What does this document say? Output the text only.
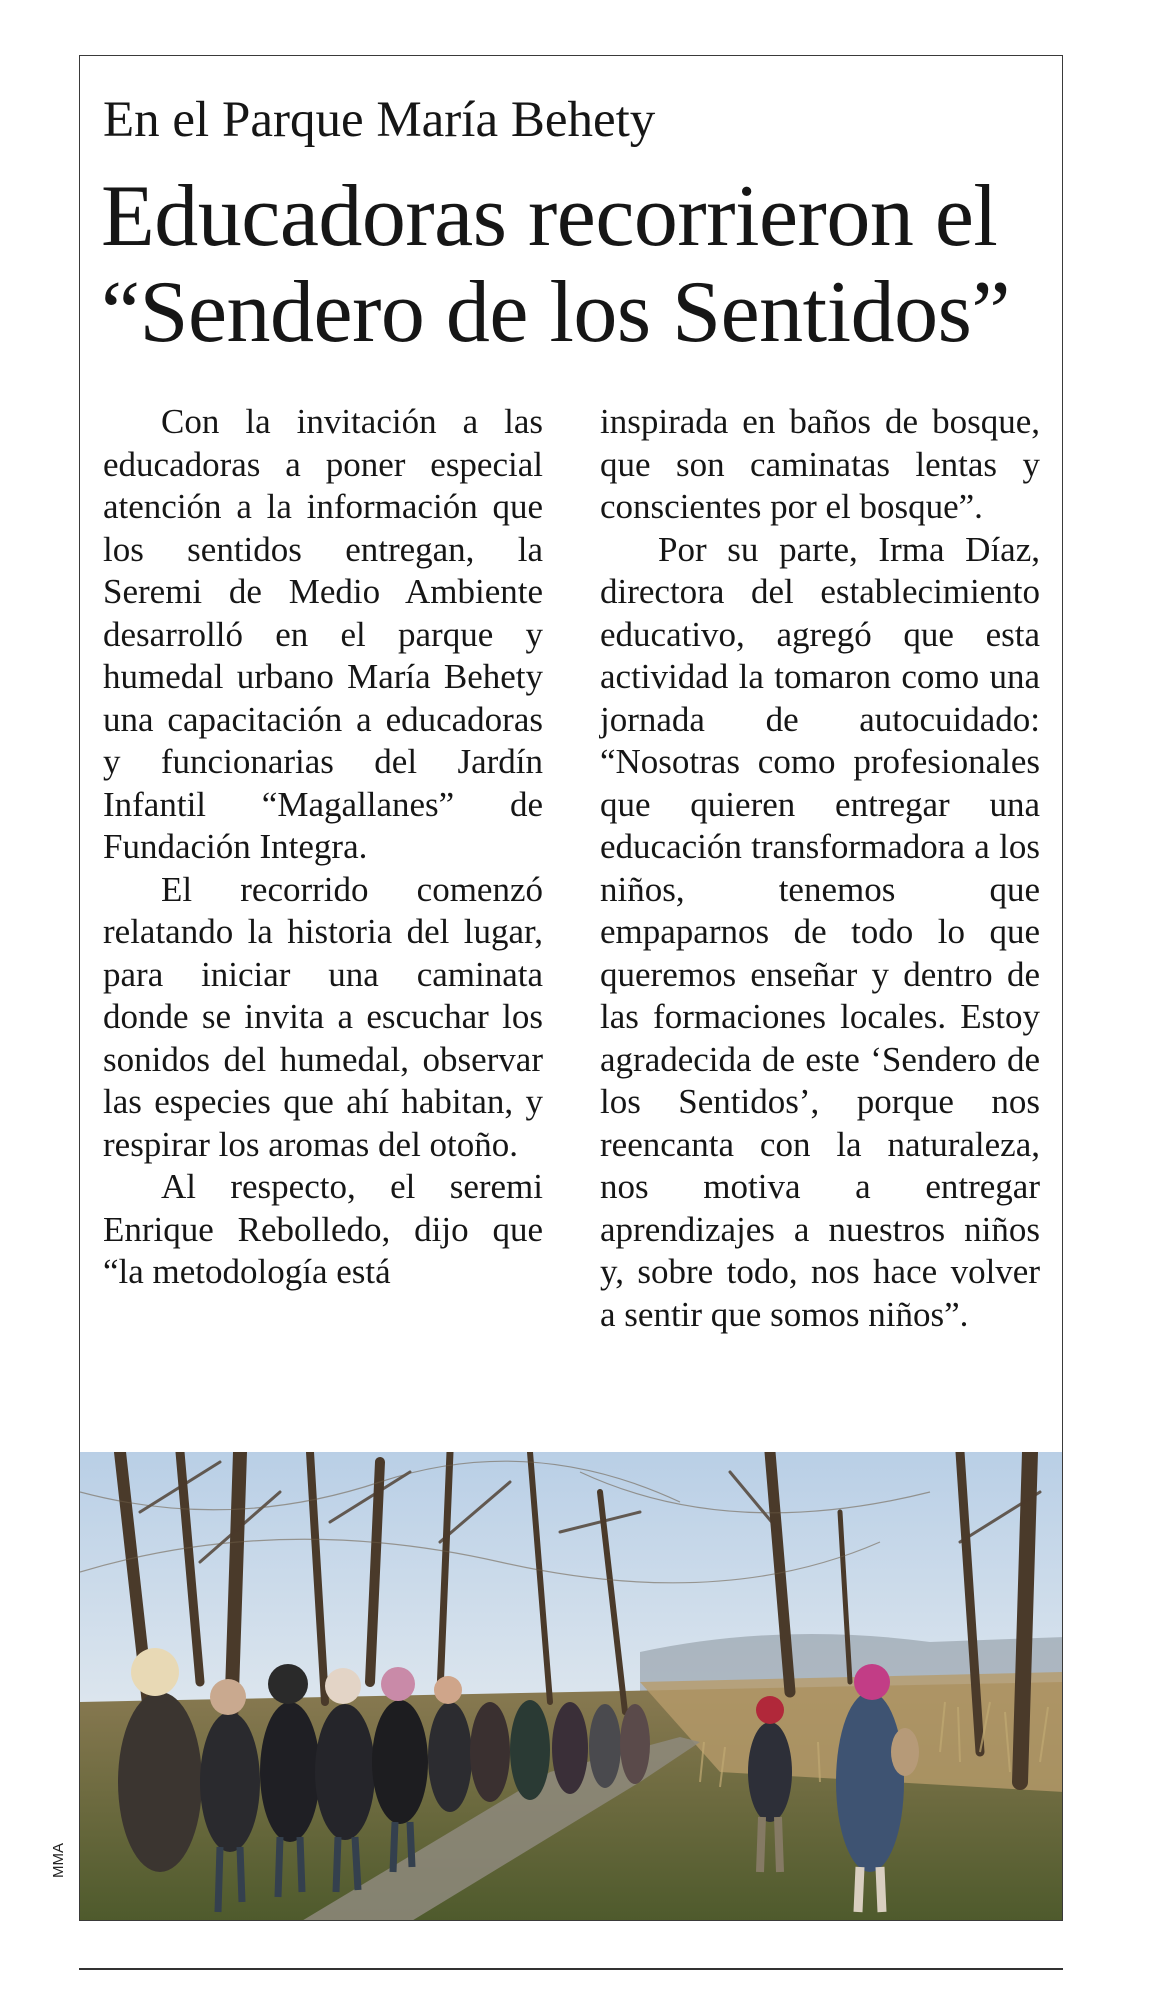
En el Parque María Behety
Educadoras recorrieron el
“Sendero de los Sentidos”

Con la invitación a las educadoras a poner especial atención a la información que los sentidos entregan, la Seremi de Medio Ambiente desarrolló en el parque y humedal urbano María Behety una capacitación a educadoras y funcionarias del Jardín Infantil “Magallanes” de Fundación Integra.

El recorrido comenzó relatando la historia del lugar, para iniciar una caminata donde se invita a escuchar los sonidos del humedal, observar las especies que ahí habitan, y respirar los aromas del otoño.

Al respecto, el seremi Enrique Rebolledo, dijo que “la metodología está

inspirada en baños de bosque, que son caminatas lentas y conscientes por el bosque”.

Por su parte, Irma Díaz, directora del establecimiento educativo, agregó que esta actividad la tomaron como una jornada de autocuidado: “Nosotras como profesionales que quieren entregar una educación transformadora a los niños, tenemos que empaparnos de todo lo que queremos enseñar y dentro de las formaciones locales. Estoy agradecida de este ‘Sendero de los Sentidos’, porque nos reencanta con la naturaleza, nos motiva a entregar aprendizajes a nuestros niños y, sobre todo, nos hace volver a sentir que somos niños”.

MMA
